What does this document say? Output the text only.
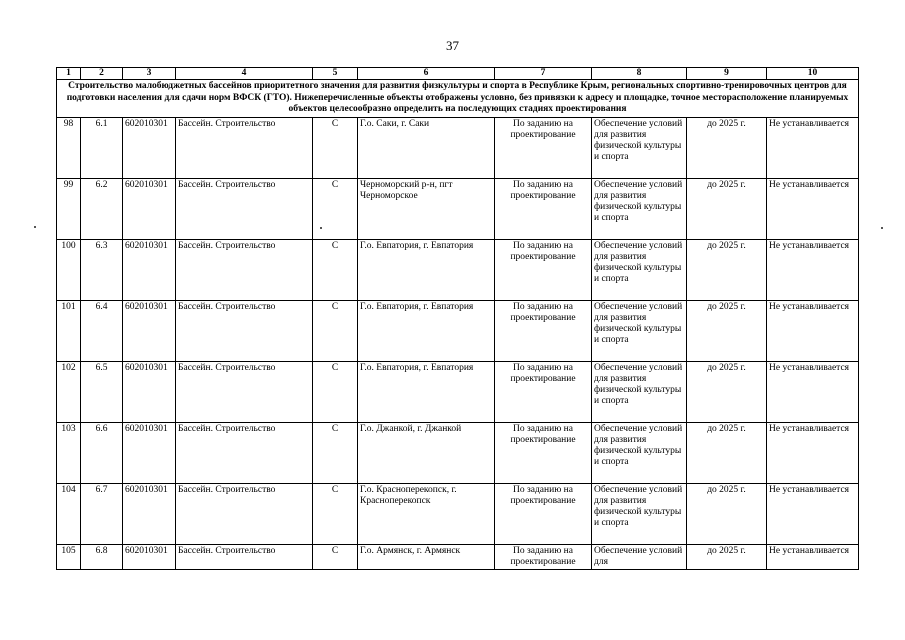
37
1	2	3	4	5	6	7	8	9	10
Строительство малобюджетных бассейнов приоритетного значения для развития физкультуры и спорта в Республике Крым, региональных спортивно-тренировочных центров для подготовки населения для сдачи норм ВФСК (ГТО). Нижеперечисленные объекты отображены условно, без привязки к адресу и площадке, точное месторасположение планируемых объектов целесообразно определить на последующих стадиях проектирования									
98	6.1	602010301	Бассейн. Строительство	С	Г.о. Саки, г. Саки	По заданию на проектирование	Обеспечение условий для развития физической культуры и спорта	до 2025 г.	Не устанавливается
99	6.2	602010301	Бассейн. Строительство	С	Черноморский р-н, пгт Черноморское	По заданию на проектирование	Обеспечение условий для развития физической культуры и спорта	до 2025 г.	Не устанавливается
100	6.3	602010301	Бассейн. Строительство	С	Г.о. Евпатория, г. Евпатория	По заданию на проектирование	Обеспечение условий для развития физической культуры и спорта	до 2025 г.	Не устанавливается
101	6.4	602010301	Бассейн. Строительство	С	Г.о. Евпатория, г. Евпатория	По заданию на проектирование	Обеспечение условий для развития физической культуры и спорта	до 2025 г.	Не устанавливается
102	6.5	602010301	Бассейн. Строительство	С	Г.о. Евпатория, г. Евпатория	По заданию на проектирование	Обеспечение условий для развития физической культуры и спорта	до 2025 г.	Не устанавливается
103	6.6	602010301	Бассейн. Строительство	С	Г.о. Джанкой, г. Джанкой	По заданию на проектирование	Обеспечение условий для развития физической культуры и спорта	до 2025 г.	Не устанавливается
104	6.7	602010301	Бассейн. Строительство	С	Г.о. Красноперекопск, г. Красноперекопск	По заданию на проектирование	Обеспечение условий для развития физической культуры и спорта	до 2025 г.	Не устанавливается
105	6.8	602010301	Бассейн. Строительство	С	Г.о. Армянск, г. Армянск	По заданию на проектирование	Обеспечение условий для	до 2025 г.	Не устанавливается
